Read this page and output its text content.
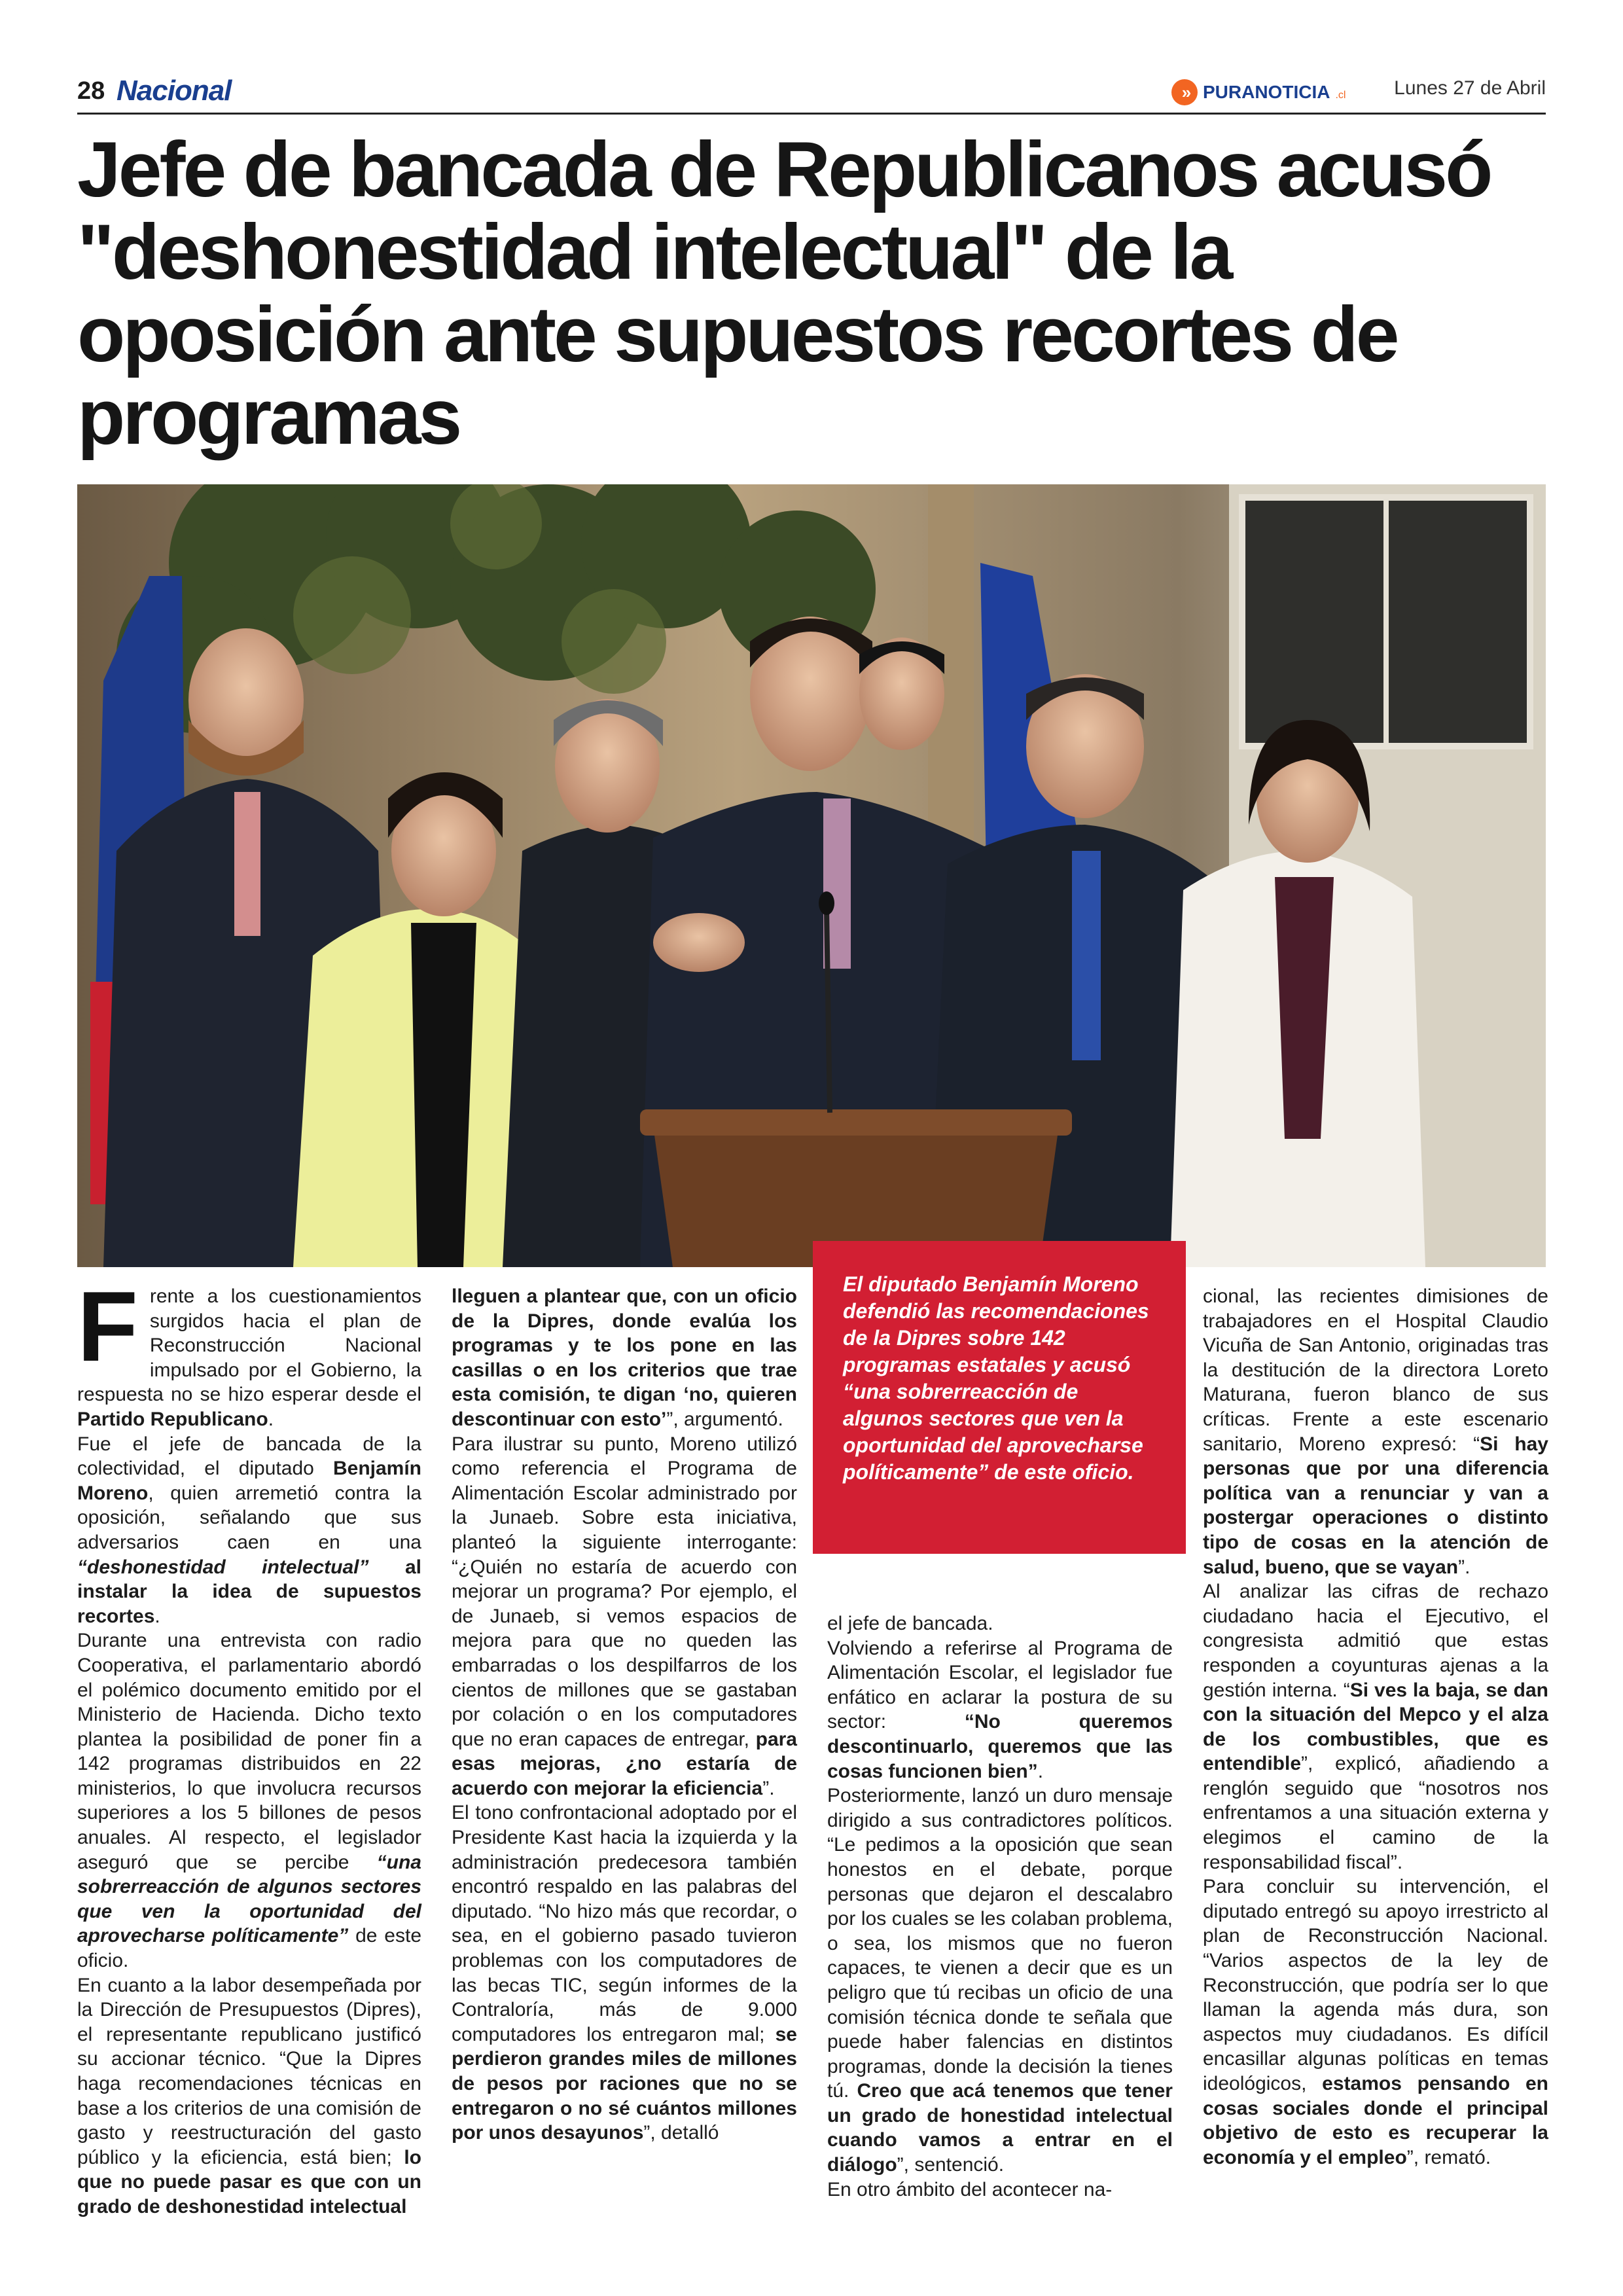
28 Nacional	» PURANOTICIA .cl Lunes 27 de Abril
Jefe de bancada de Republicanos acusó "deshonestidad intelectual" de la oposición ante supuestos recortes de programas

El diputado Benjamín Moreno defendió las recomendaciones de la Dipres sobre 142 programas estatales y acusó “una sobrerreacción de algunos sectores que ven la oportunidad del aprovecharse políticamente” de este oficio.

F rente a los cuestionamientos surgidos hacia el plan de Reconstrucción Nacional impulsado por el Gobierno, la respuesta no se hizo esperar desde el Partido Republicano.

Fue el jefe de bancada de la colectividad, el diputado Benjamín Moreno, quien arremetió contra la oposición, señalando que sus adversarios caen en una “deshonestidad intelectual” al instalar la idea de supuestos recortes.

Durante una entrevista con radio Cooperativa, el parlamentario abordó el polémico documento emitido por el Ministerio de Hacienda. Dicho texto plantea la posibilidad de poner fin a 142 programas distribuidos en 22 ministerios, lo que involucra recursos superiores a los 5 billones de pesos anuales. Al respecto, el legislador aseguró que se percibe “una sobrerreacción de algunos sectores que ven la oportunidad del aprovecharse políticamente” de este oficio.

En cuanto a la labor desempeñada por la Dirección de Presupuestos (Dipres), el representante republicano justificó su accionar técnico. “Que la Dipres haga recomendaciones técnicas en base a los criterios de una comisión de gasto y reestructuración del gasto público y la eficiencia, está bien; lo que no puede pasar es que con un grado de deshonestidad intelectual

lleguen a plantear que, con un oficio de la Dipres, donde evalúa los programas y te los pone en las casillas o en los criterios que trae esta comisión, te digan ‘no, quieren descontinuar con esto’”, argumentó.

Para ilustrar su punto, Moreno utilizó como referencia el Programa de Alimentación Escolar administrado por la Junaeb. Sobre esta iniciativa, planteó la siguiente interrogante: “¿Quién no estaría de acuerdo con mejorar un programa? Por ejemplo, el de Junaeb, si vemos espacios de mejora para que no queden las embarradas o los despilfarros de los cientos de millones que se gastaban por colación o en los computadores que no eran capaces de entregar, para esas mejoras, ¿no estaría de acuerdo con mejorar la eficiencia”.

El tono confrontacional adoptado por el Presidente Kast hacia la izquierda y la administración predecesora también encontró respaldo en las palabras del diputado. “No hizo más que recordar, o sea, en el gobierno pasado tuvieron problemas con los computadores de las becas TIC, según informes de la Contraloría, más de 9.000 computadores los entregaron mal; se perdieron grandes miles de millones de pesos por raciones que no se entregaron o no sé cuántos millones por unos desayunos”, detalló

el jefe de bancada.

Volviendo a referirse al Programa de Alimentación Escolar, el legislador fue enfático en aclarar la postura de su sector: “No queremos descontinuarlo, queremos que las cosas funcionen bien”.

Posteriormente, lanzó un duro mensaje dirigido a sus contradictores políticos. “Le pedimos a la oposición que sean honestos en el debate, porque personas que dejaron el descalabro por los cuales se les colaban problema, o sea, los mismos que no fueron capaces, te vienen a decir que es un peligro que tú recibas un oficio de una comisión técnica donde te señala que puede haber falencias en distintos programas, donde la decisión la tienes tú. Creo que acá tenemos que tener un grado de honestidad intelectual cuando vamos a entrar en el diálogo”, sentenció.

En otro ámbito del acontecer na-

cional, las recientes dimisiones de trabajadores en el Hospital Claudio Vicuña de San Antonio, originadas tras la destitución de la directora Loreto Maturana, fueron blanco de sus críticas. Frente a este escenario sanitario, Moreno expresó: “Si hay personas que por una diferencia política van a renunciar y van a postergar operaciones o distinto tipo de cosas en la atención de salud, bueno, que se vayan”.

Al analizar las cifras de rechazo ciudadano hacia el Ejecutivo, el congresista admitió que estas responden a coyunturas ajenas a la gestión interna. “Si ves la baja, se dan con la situación del Mepco y el alza de los combustibles, que es entendible”, explicó, añadiendo a renglón seguido que “nosotros nos enfrentamos a una situación externa y elegimos el camino de la responsabilidad fiscal”.

Para concluir su intervención, el diputado entregó su apoyo irrestricto al plan de Reconstrucción Nacional. “Varios aspectos de la ley de Reconstrucción, que podría ser lo que llaman la agenda más dura, son aspectos muy ciudadanos. Es difícil encasillar algunas políticas en temas ideológicos, estamos pensando en cosas sociales donde el principal objetivo de esto es recuperar la economía y el empleo”, remató.
